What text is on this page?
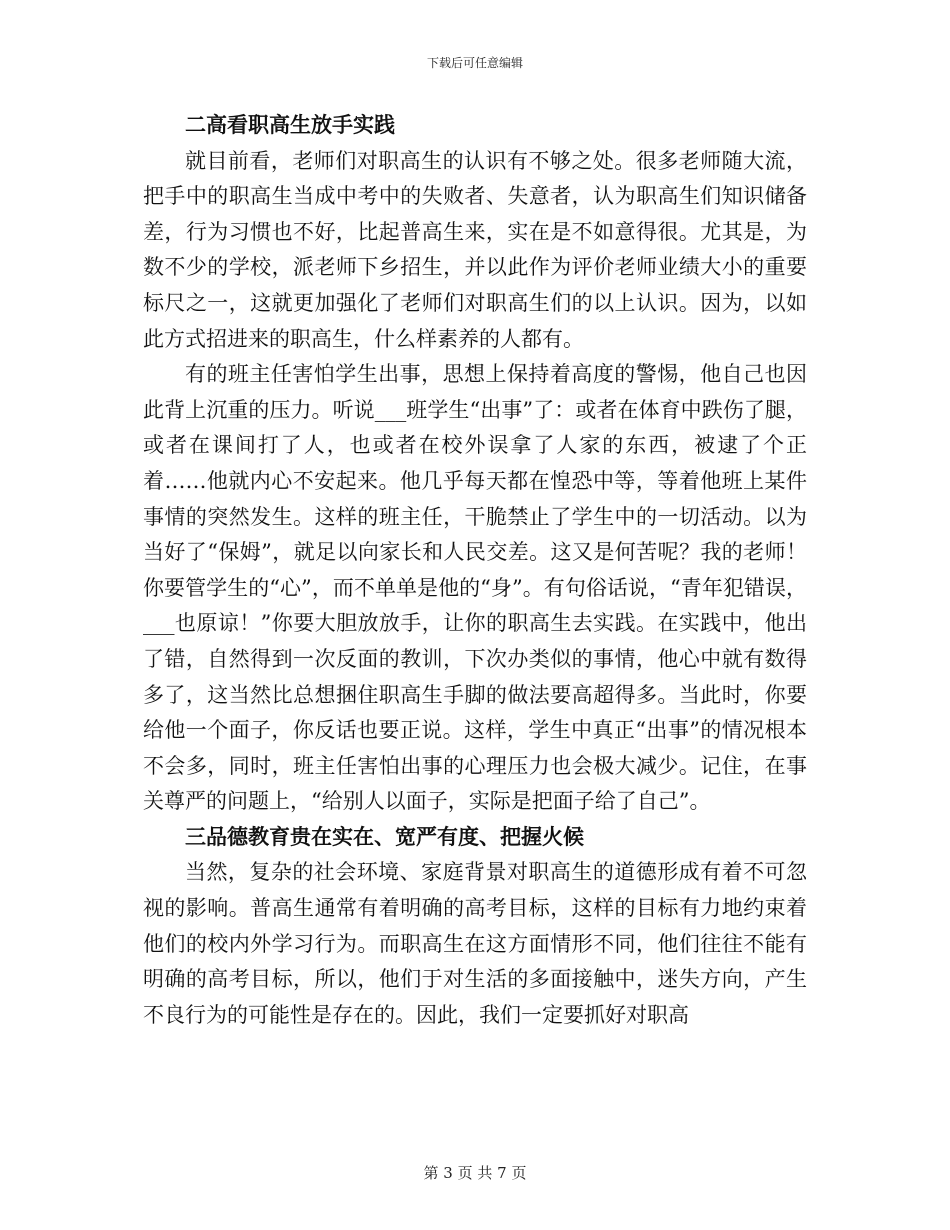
下载后可任意编辑
二高看职高生放手实践

就目前看，老师们对职高生的认识有不够之处。很多老师随大流，把手中的职高生当成中考中的失败者、失意者，认为职高生们知识储备差，行为习惯也不好，比起普高生来，实在是不如意得很。尤其是，为数不少的学校，派老师下乡招生，并以此作为评价老师业绩大小的重要标尺之一，这就更加强化了老师们对职高生们的以上认识。因为，以如此方式招进来的职高生，什么样素养的人都有。

有的班主任害怕学生出事，思想上保持着高度的警惕，他自己也因此背上沉重的压力。听说___班学生“出事”了：或者在体育中跌伤了腿，或者在课间打了人，也或者在校外误拿了人家的东西，被逮了个正着……他就内心不安起来。他几乎每天都在惶恐中等，等着他班上某件事情的突然发生。这样的班主任，干脆禁止了学生中的一切活动。以为当好了“保姆”，就足以向家长和人民交差。这又是何苦呢？我的老师！你要管学生的“心”，而不单单是他的“身”。有句俗话说，“青年犯错误，___也原谅！”你要大胆放放手，让你的职高生去实践。在实践中，他出了错，自然得到一次反面的教训，下次办类似的事情，他心中就有数得多了，这当然比总想捆住职高生手脚的做法要高超得多。当此时，你要给他一个面子，你反话也要正说。这样，学生中真正“出事”的情况根本不会多，同时，班主任害怕出事的心理压力也会极大减少。记住，在事关尊严的问题上，“给别人以面子，实际是把面子给了自己”。

三品德教育贵在实在、宽严有度、把握火候

当然，复杂的社会环境、家庭背景对职高生的道德形成有着不可忽视的影响。普高生通常有着明确的高考目标，这样的目标有力地约束着他们的校内外学习行为。而职高生在这方面情形不同，他们往往不能有明确的高考目标，所以，他们于对生活的多面接触中，迷失方向，产生不良行为的可能性是存在的。因此，我们一定要抓好对职高

第 3 页 共 7 页
